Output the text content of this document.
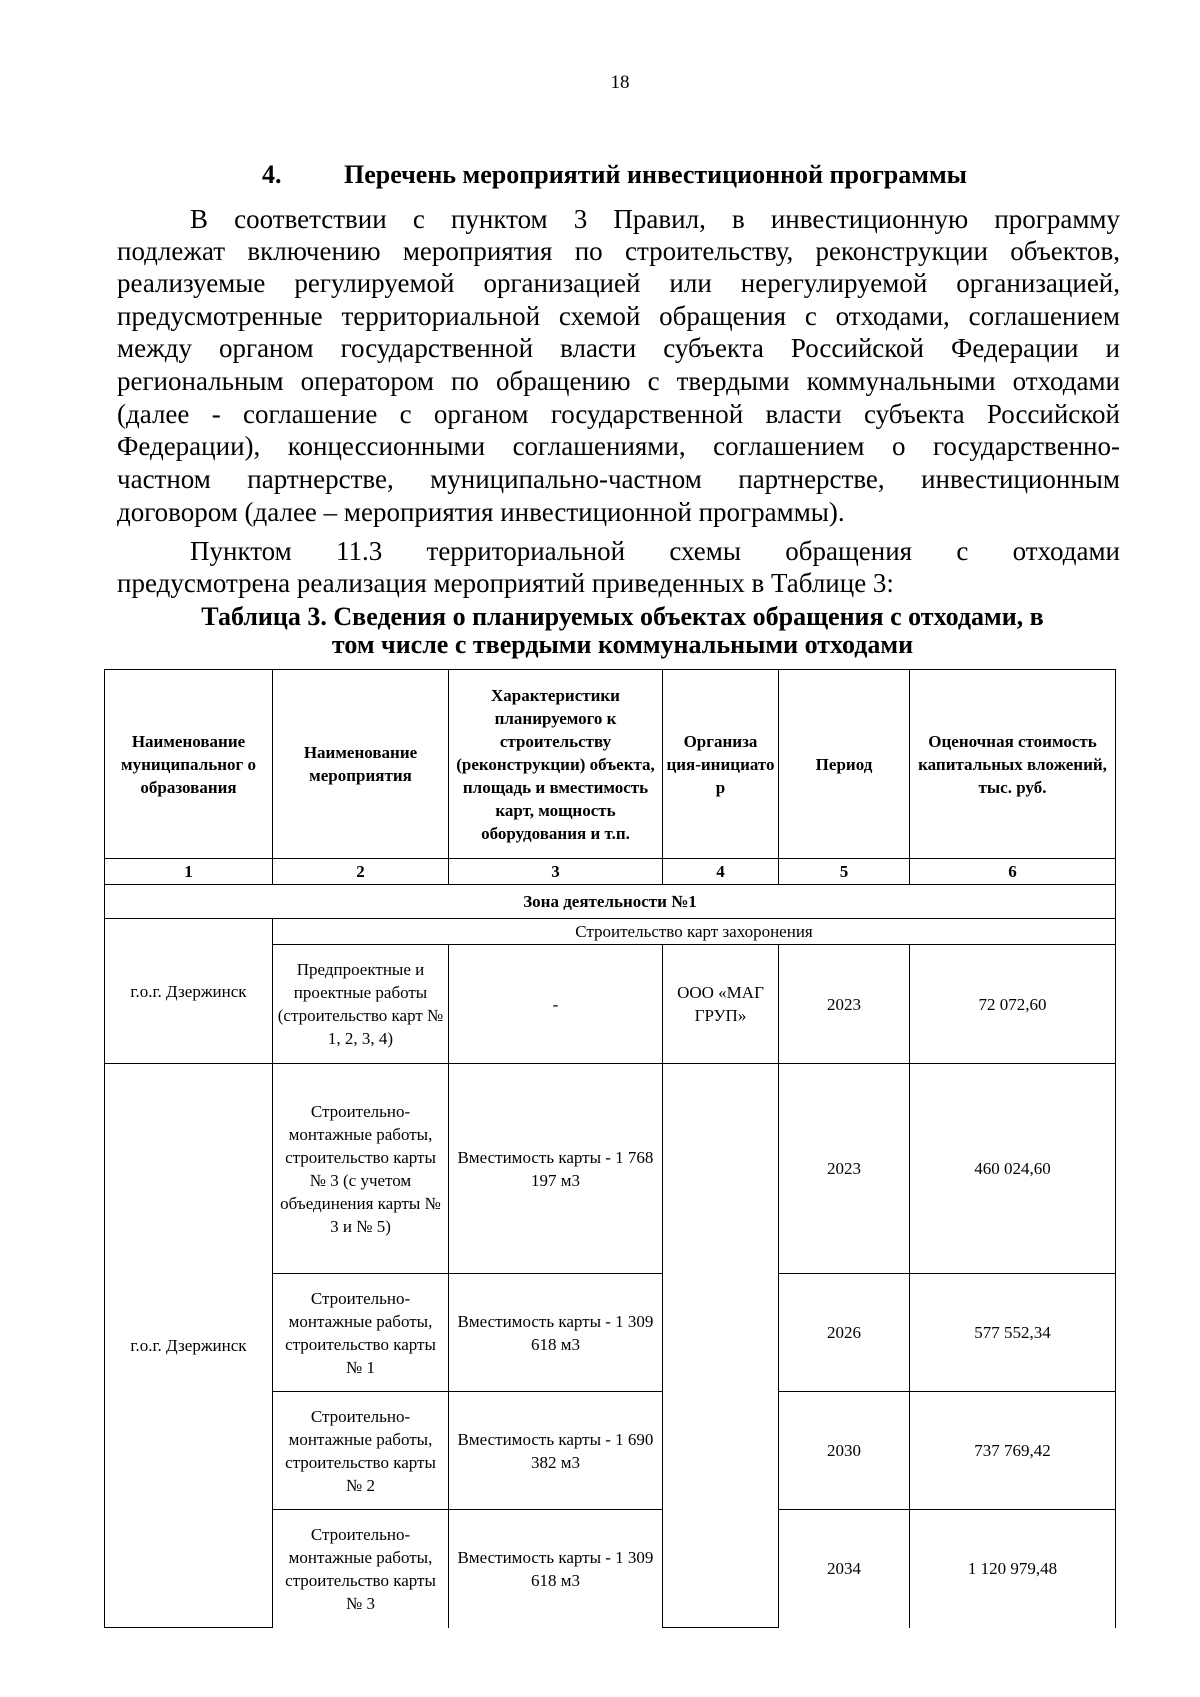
18
4. Перечень мероприятий инвестиционной программы
В соответствии с пунктом 3 Правил, в инвестиционную программу
подлежат включению мероприятия по строительству, реконструкции объектов,
реализуемые регулируемой организацией или нерегулируемой организацией,
предусмотренные территориальной схемой обращения с отходами, соглашением
между органом государственной власти субъекта Российской Федерации и
региональным оператором по обращению с твердыми коммунальными отходами
(далее - соглашение с органом государственной власти субъекта Российской
Федерации), концессионными соглашениями, соглашением о государственно-
частном партнерстве, муниципально-частном партнерстве, инвестиционным
договором (далее – мероприятия инвестиционной программы).
Пунктом 11.3 территориальной схемы обращения с отходами
предусмотрена реализация мероприятий приведенных в Таблице 3:
Таблица 3. Сведения о планируемых объектах обращения с отходами, в
том числе с твердыми коммунальными отходами
Наименование муниципальног о образования	Наименование мероприятия	Характеристики планируемого к строительству (реконструкции) объекта, площадь и вместимость карт, мощность оборудования и т.п.	Организа ция-инициато р	Период	Оценочная стоимость капитальных вложений, тыс. руб.
1	2	3	4	5	6
Зона деятельности №1					
г.о.г. Дзержинск	Строительство карт захоронения				
	Предпроектные и проектные работы (строительство карт № 1, 2, 3, 4)	-	ООО «МАГ ГРУП»	2023	72 072,60
г.о.г. Дзержинск	Строительно-монтажные работы, строительство карты № 3 (с учетом объединения карты № 3 и № 5)	Вместимость карты - 1 768 197 м3		2023	460 024,60
	Строительно-монтажные работы, строительство карты № 1	Вместимость карты - 1 309 618 м3		2026	577 552,34
	Строительно-монтажные работы, строительство карты № 2	Вместимость карты - 1 690 382 м3		2030	737 769,42
	Строительно-монтажные работы, строительство карты № 3	Вместимость карты - 1 309 618 м3		2034	1 120 979,48
